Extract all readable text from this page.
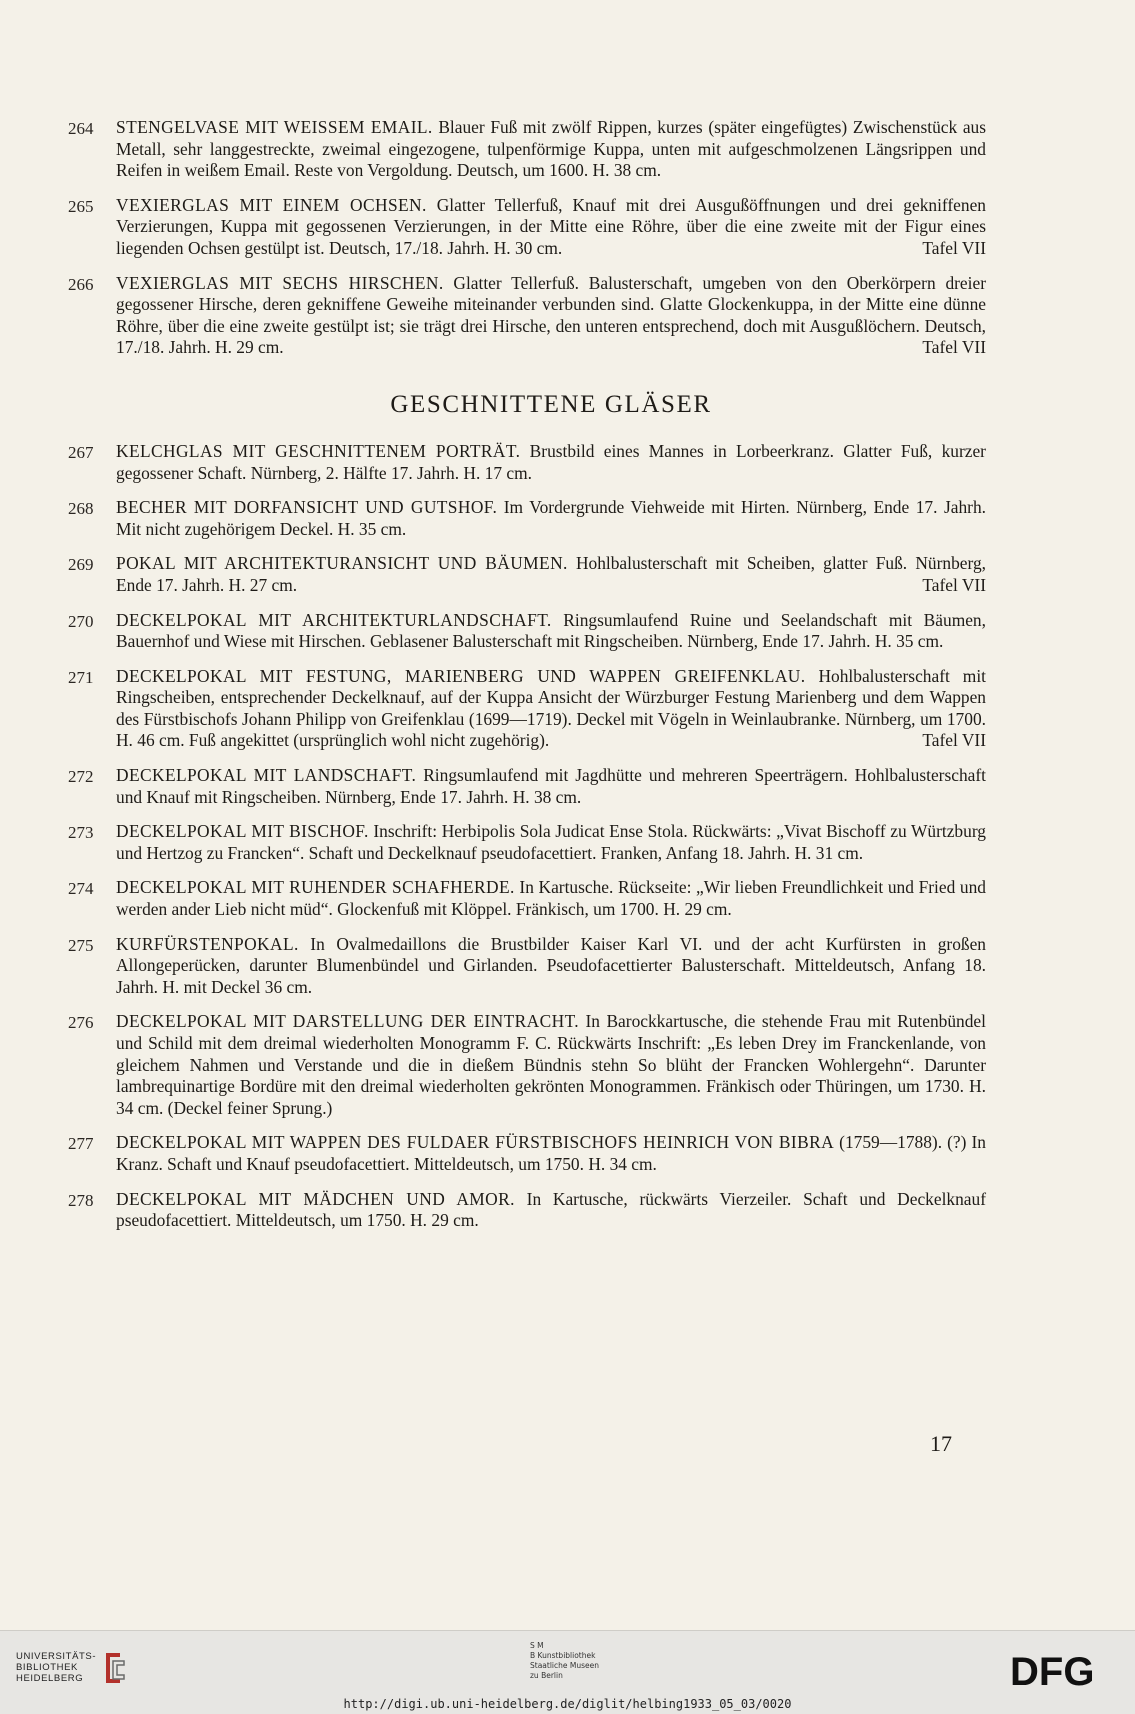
264	STENGELVASE MIT WEISSEM EMAIL. Blauer Fuß mit zwölf Rippen, kurzes (später eingefügtes) Zwischenstück aus Metall, sehr langgestreckte, zweimal eingezogene, tulpenförmige Kuppa, unten mit aufgeschmolzenen Längsrippen und Reifen in weißem Email. Reste von Vergoldung. Deutsch, um 1600. H. 38 cm.
265	VEXIERGLAS MIT EINEM OCHSEN. Glatter Tellerfuß, Knauf mit drei Ausgußöffnungen und drei gekniffenen Verzierungen, Kuppa mit gegossenen Verzierungen, in der Mitte eine Röhre, über die eine zweite mit der Figur eines liegenden Ochsen gestülpt ist. Deutsch, 17./18. Jahrh. H. 30 cm.	Tafel VII
266	VEXIERGLAS MIT SECHS HIRSCHEN. Glatter Tellerfuß. Balusterschaft, umgeben von den Oberkörpern dreier gegossener Hirsche, deren gekniffene Geweihe miteinander verbunden sind. Glatte Glockenkuppa, in der Mitte eine dünne Röhre, über die eine zweite gestülpt ist; sie trägt drei Hirsche, den unteren entsprechend, doch mit Ausgußlöchern. Deutsch, 17./18. Jahrh. H. 29 cm.	Tafel VII
GESCHNITTENE GLÄSER
267	KELCHGLAS MIT GESCHNITTENEM PORTRÄT. Brustbild eines Mannes in Lorbeerkranz. Glatter Fuß, kurzer gegossener Schaft. Nürnberg, 2. Hälfte 17. Jahrh. H. 17 cm.
268	BECHER MIT DORFANSICHT UND GUTSHOF. Im Vordergrunde Viehweide mit Hirten. Nürnberg, Ende 17. Jahrh. Mit nicht zugehörigem Deckel. H. 35 cm.
269	POKAL MIT ARCHITEKTURANSICHT UND BÄUMEN. Hohlbalusterschaft mit Scheiben, glatter Fuß. Nürnberg, Ende 17. Jahrh. H. 27 cm.	Tafel VII
270	DECKELPOKAL MIT ARCHITEKTURLANDSCHAFT. Ringsumlaufend Ruine und Seelandschaft mit Bäumen, Bauernhof und Wiese mit Hirschen. Geblasener Balusterschaft mit Ringscheiben. Nürnberg, Ende 17. Jahrh. H. 35 cm.
271	DECKELPOKAL MIT FESTUNG, MARIENBERG UND WAPPEN GREIFENKLAU. Hohlbalusterschaft mit Ringscheiben, entsprechender Deckelknauf, auf der Kuppa Ansicht der Würzburger Festung Marienberg und dem Wappen des Fürstbischofs Johann Philipp von Greifenklau (1699—1719). Deckel mit Vögeln in Weinlaubranke. Nürnberg, um 1700. H. 46 cm. Fuß angekittet (ursprünglich wohl nicht zugehörig).	Tafel VII
272	DECKELPOKAL MIT LANDSCHAFT. Ringsumlaufend mit Jagdhütte und mehreren Speerträgern. Hohlbalusterschaft und Knauf mit Ringscheiben. Nürnberg, Ende 17. Jahrh. H. 38 cm.
273	DECKELPOKAL MIT BISCHOF. Inschrift: Herbipolis Sola Judicat Ense Stola. Rückwärts: „Vivat Bischoff zu Würtzburg und Hertzog zu Francken“. Schaft und Deckelknauf pseudofacettiert. Franken, Anfang 18. Jahrh. H. 31 cm.
274	DECKELPOKAL MIT RUHENDER SCHAFHERDE. In Kartusche. Rückseite: „Wir lieben Freundlichkeit und Fried und werden ander Lieb nicht müd“. Glockenfuß mit Klöppel. Fränkisch, um 1700. H. 29 cm.
275	KURFÜRSTENPOKAL. In Ovalmedaillons die Brustbilder Kaiser Karl VI. und der acht Kurfürsten in großen Allongeperücken, darunter Blumenbündel und Girlanden. Pseudofacettierter Balusterschaft. Mitteldeutsch, Anfang 18. Jahrh. H. mit Deckel 36 cm.
276	DECKELPOKAL MIT DARSTELLUNG DER EINTRACHT. In Barockkartusche, die stehende Frau mit Rutenbündel und Schild mit dem dreimal wiederholten Monogramm F. C. Rückwärts Inschrift: „Es leben Drey im Franckenlande, von gleichem Nahmen und Verstande und die in dießem Bündnis stehn So blüht der Francken Wohlergehn“. Darunter lambrequinartige Bordüre mit den dreimal wiederholten gekrönten Monogrammen. Fränkisch oder Thüringen, um 1730. H. 34 cm. (Deckel feiner Sprung.)
277	DECKELPOKAL MIT WAPPEN DES FULDAER FÜRSTBISCHOFS HEINRICH VON BIBRA (1759—1788). (?) In Kranz. Schaft und Knauf pseudofacettiert. Mitteldeutsch, um 1750. H. 34 cm.
278	DECKELPOKAL MIT MÄDCHEN UND AMOR. In Kartusche, rückwärts Vierzeiler. Schaft und Deckelknauf pseudofacettiert. Mitteldeutsch, um 1750. H. 29 cm.
17
UNIVERSITÄTS-
BIBLIOTHEK
HEIDELBERG
S M
B Kunstbibliothek
Staatliche Museen
zu Berlin	DFG
http://digi.ub.uni-heidelberg.de/diglit/helbing1933_05_03/0020
